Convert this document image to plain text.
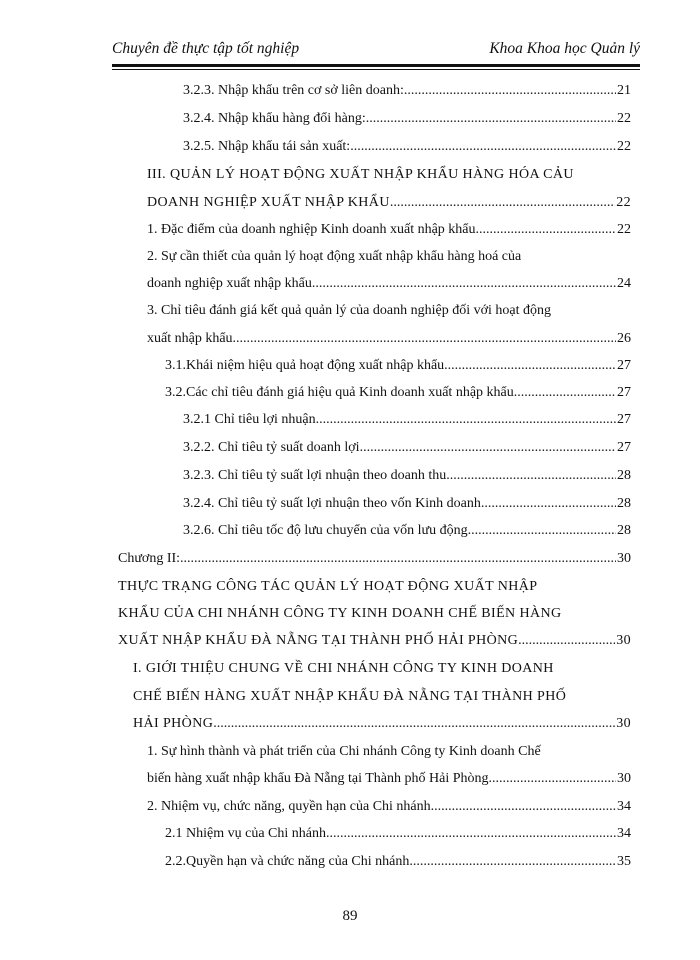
Chuyên đề thực tập tốt nghiệp	Khoa Khoa học Quản lý
3.2.3. Nhập khẩu trên cơ sở liên doanh: .....	21
3.2.4. Nhập khẩu hàng đổi hàng: .....	22
3.2.5. Nhập khẩu tái sản xuất: .....	22
III. QUẢN LÝ HOẠT ĐỘNG XUẤT NHẬP KHẨU HÀNG HÓA CẢU
DOANH NGHIỆP XUẤT NHẬP KHẨU .....	22
1. Đặc điểm của doanh nghiệp Kinh doanh xuất nhập khẩu .....	22
2. Sự cần thiết của quản lý hoạt động xuất nhập khẩu hàng hoá của
doanh nghiệp xuất nhập khẩu .....	24
3. Chỉ tiêu đánh giá kết quả quản lý của doanh nghiệp đối với hoạt động
xuất nhập khẩu .....	26
3.1.Khái niệm hiệu quả hoạt động xuất nhập khẩu. .....	27
3.2.Các chỉ tiêu đánh giá hiệu quả Kinh doanh xuất nhập khẩu .....	27
3.2.1 Chỉ tiêu lợi nhuận .....	27
3.2.2. Chỉ tiêu tỷ suất doanh lợi .....	27
3.2.3. Chỉ tiêu tỷ suất lợi nhuận theo doanh thu .....	28
3.2.4. Chỉ tiêu tỷ suất lợi nhuận theo vốn Kinh doanh .....	28
3.2.6. Chỉ tiêu tốc độ lưu chuyển của vốn lưu động .....	28
Chương II: .....	30
THỰC TRẠNG CÔNG TÁC QUẢN LÝ HOẠT ĐỘNG XUẤT NHẬP
KHẨU CỦA CHI NHÁNH CÔNG TY KINH DOANH CHẾ BIẾN HÀNG
XUẤT NHẬP KHẨU ĐÀ NẴNG TẠI THÀNH PHỐ HẢI PHÒNG .....	30
I. GIỚI THIỆU CHUNG VỀ CHI NHÁNH CÔNG TY KINH DOANH
CHẾ BIẾN HÀNG XUẤT NHẬP KHẨU ĐÀ NẴNG TẠI THÀNH PHỐ
HẢI PHÒNG .....	30
1. Sự hình thành và phát triển của Chi nhánh Công ty Kinh doanh Chế
biến hàng xuất nhập khẩu Đà Nẵng tại Thành phố Hải Phòng .....	30
2. Nhiệm vụ, chức năng, quyền hạn của Chi nhánh. .....	34
2.1 Nhiệm vụ của Chi nhánh. .....	34
2.2.Quyền hạn và chức năng của Chi nhánh. .....	35
89
